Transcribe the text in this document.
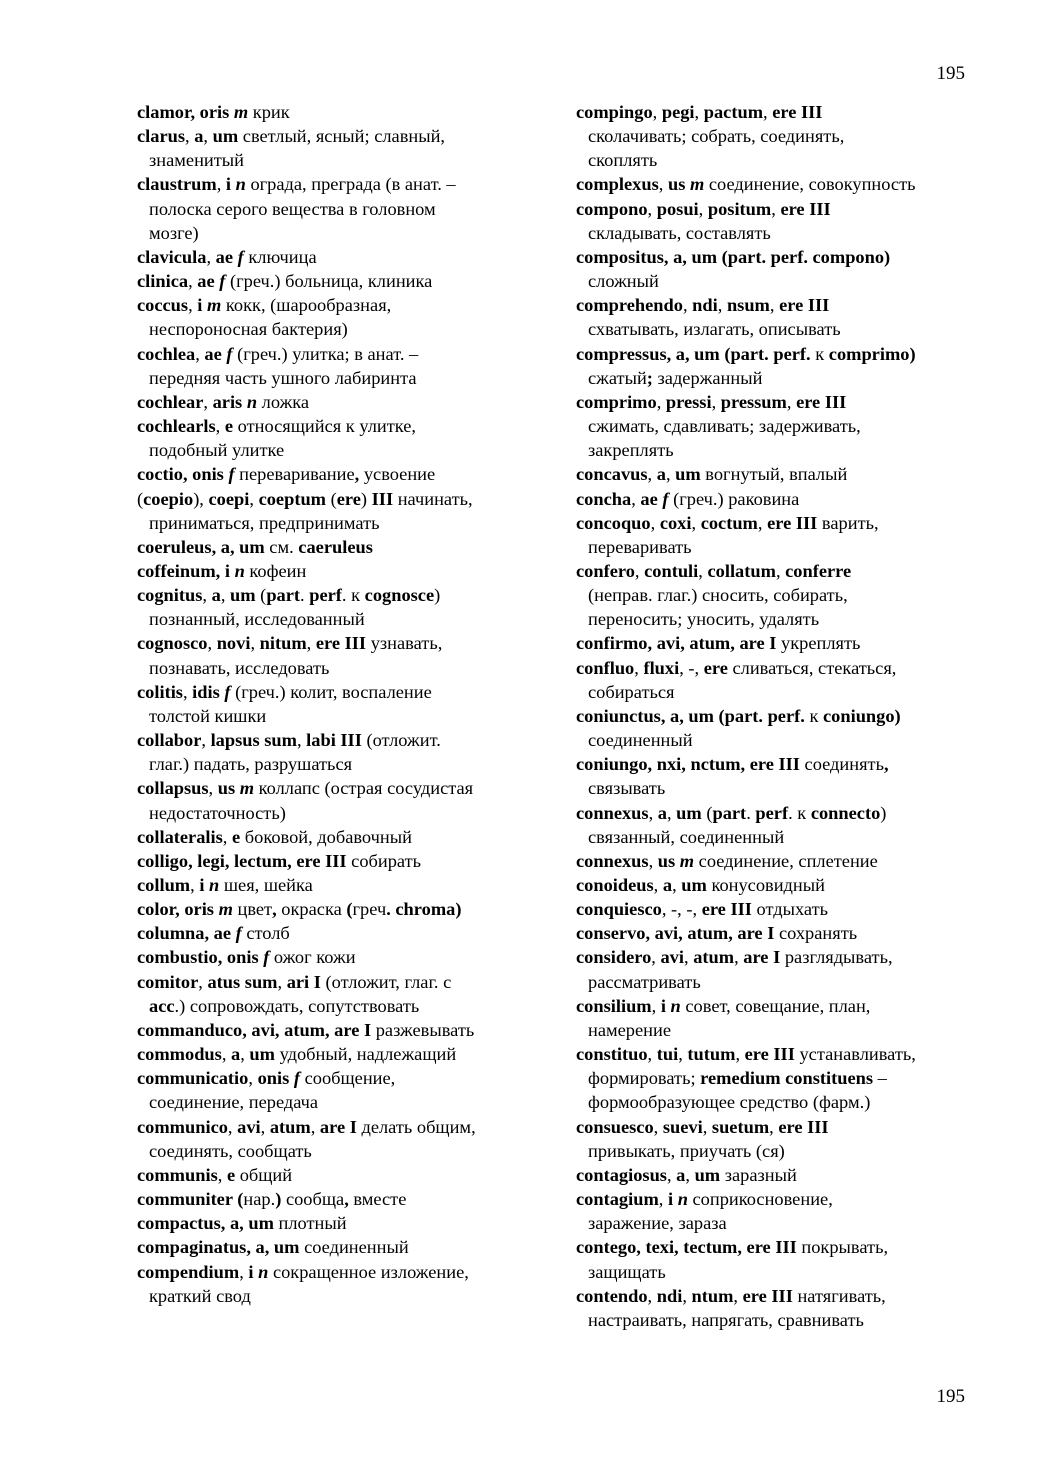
195
clamor, oris m крик
clarus, a, um светлый, ясный; славный,
знаменитый
claustrum, i n ограда, преграда (в анат. –
полоска серого вещества в головном
мозге)
clavicula, ae f ключица
clinica, ae f (греч.) больница, клиника
coccus, i m кокк, (шарообразная,
неспороносная бактерия)
cochlea, ae f (греч.) улитка; в анат. –
передняя часть ушного лабиринта
cochlear, aris n ложка
cochlearls, e относящийся к улитке,
подобный улитке
coctio, onis f переваривание, усвоение
(coepio), coepi, coeptum (ere) III начинать,
приниматься, предпринимать
coeruleus, a, um см. caeruleus
coffeinum, i n кофеин
cognitus, a, um (part. perf. к cognosce)
познанный, исследованный
cognosco, novi, nitum, ere III узнавать,
познавать, исследовать
colitis, idis f (греч.) колит, воспаление
толстой кишки
collabor, lapsus sum, labi III (отложит.
глаг.) падать, разрушаться
collapsus, us m коллапс (острая сосудистая
недостаточность)
collateralis, e боковой, добавочный
colligo, legi, lectum, ere III собирать
collum, i n шея, шейка
color, oris m цвет, окраска (греч. chroma)
columna, ae f столб
combustio, onis f ожог кожи
comitor, atus sum, ari I (отложит, глаг. с
acc.) сопровождать, сопутствовать
commanduco, avi, atum, are I разжевывать
commodus, a, um удобный, надлежащий
communicatio, onis f сообщение,
соединение, передача
communico, avi, atum, are I делать общим,
соединять, сообщать
communis, e общий
communiter (нар.) сообща, вместе
compactus, a, um плотный
compaginatus, a, um соединенный
compendium, i n сокращенное изложение,
краткий свод
compingo, pegi, pactum, ere III
сколачивать; собрать, соединять,
скоплять
complexus, us m соединение, совокупность
compono, posui, positum, ere III
складывать, составлять
compositus, a, um (part. perf. compono)
сложный
comprehendo, ndi, nsum, ere III
схватывать, излагать, описывать
compressus, a, um (part. perf. к comprimo)
сжатый; задержанный
comprimo, pressi, pressum, ere III
сжимать, сдавливать; задерживать,
закреплять
concavus, a, um вогнутый, впалый
concha, ae f (греч.) раковина
concoquo, coxi, coctum, ere III варить,
переваривать
confero, contuli, collatum, conferre
(неправ. глаг.) сносить, собирать,
переносить; уносить, удалять
confirmo, avi, atum, are I укреплять
confluo, fluxi, -, ere сливаться, стекаться,
собираться
coniunctus, a, um (part. perf. к coniungo)
соединенный
coniungo, nxi, nctum, ere III соединять,
связывать
connexus, a, um (part. perf. к connecto)
связанный, соединенный
connexus, us m соединение, сплетение
conoideus, a, um конусовидный
conquiesco, -, -, ere III отдыхать
conservo, avi, atum, are I сохранять
considero, avi, atum, are I разглядывать,
рассматривать
consilium, i n совет, совещание, план,
намерение
constituo, tui, tutum, ere III устанавливать,
формировать; remedium constituens –
формообразующее средство (фарм.)
consuesco, suevi, suetum, ere III
привыкать, приучать (ся)
contagiosus, a, um заразный
contagium, i n соприкосновение,
заражение, зараза
contego, texi, tectum, ere III покрывать,
защищать
contendo, ndi, ntum, ere III натягивать,
настраивать, напрягать, сравнивать
195
